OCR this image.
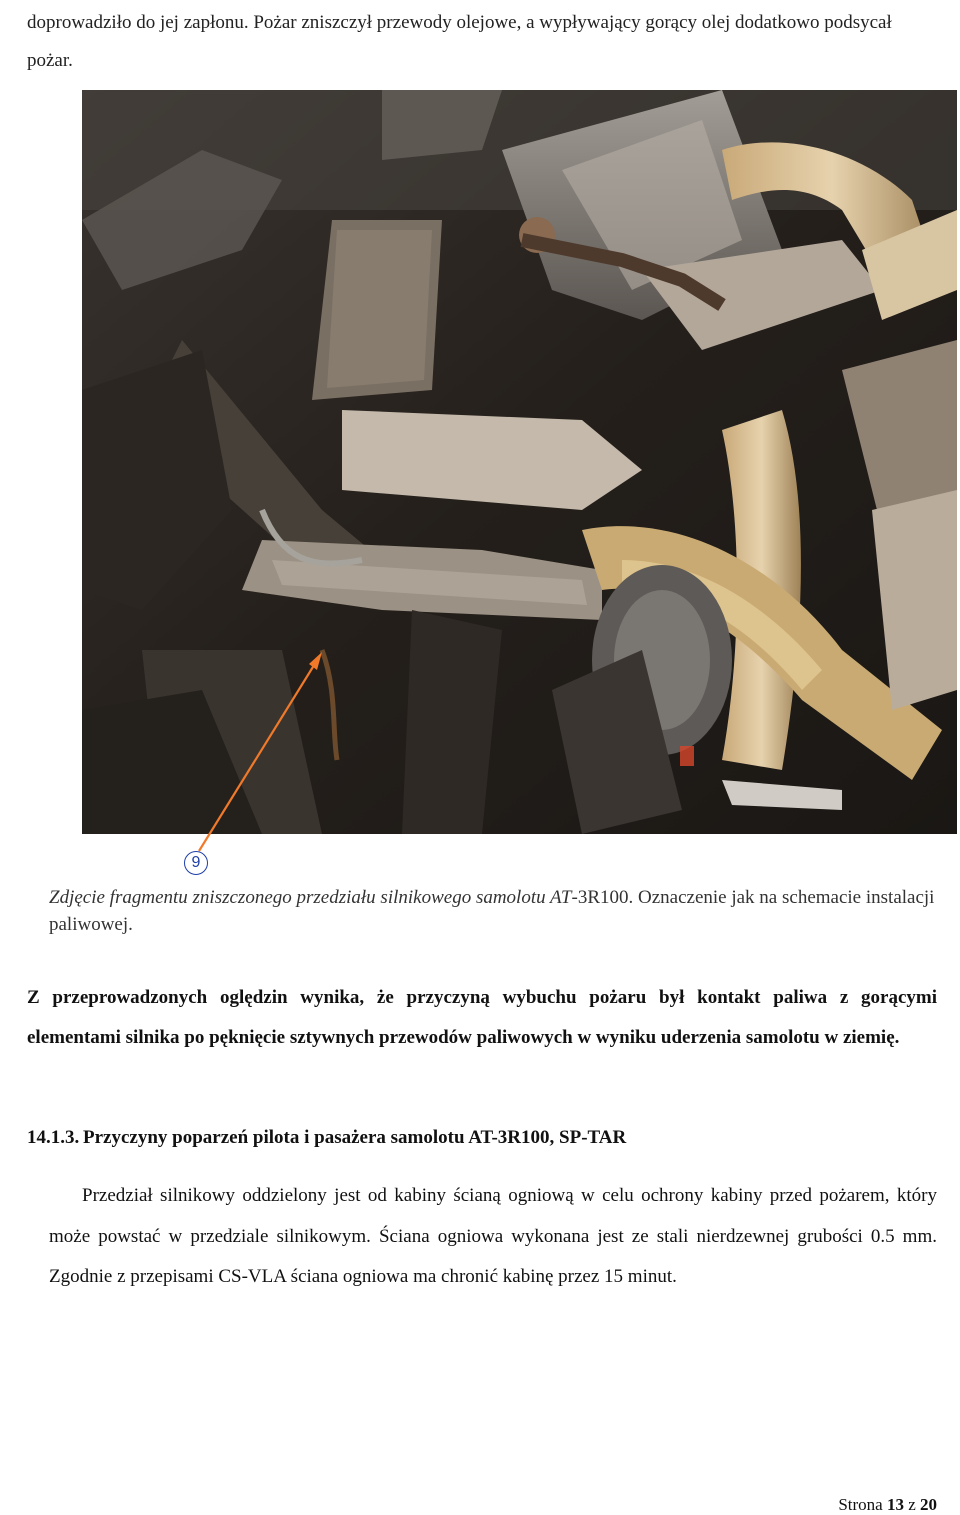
doprowadziło do jej zapłonu. Pożar zniszczył przewody olejowe, a wypływający gorący olej dodatkowo podsycał pożar.

9

Zdjęcie fragmentu zniszczonego przedziału silnikowego samolotu AT-3R100. Oznaczenie jak na schemacie instalacji paliwowej.

Z przeprowadzonych oględzin wynika, że przyczyną wybuchu pożaru był kontakt paliwa z gorącymi elementami silnika po pęknięcie sztywnych przewodów paliwowych w wyniku uderzenia samolotu w ziemię.

14.1.3. Przyczyny poparzeń pilota i pasażera samolotu AT-3R100, SP-TAR

Przedział silnikowy oddzielony jest od kabiny ścianą ogniową w celu ochrony kabiny przed pożarem, który może powstać w przedziale silnikowym. Ściana ogniowa wykonana jest ze stali nierdzewnej grubości 0.5 mm. Zgodnie z przepisami CS-VLA ściana ogniowa ma chronić kabinę przez 15 minut.

Strona 13 z 20
